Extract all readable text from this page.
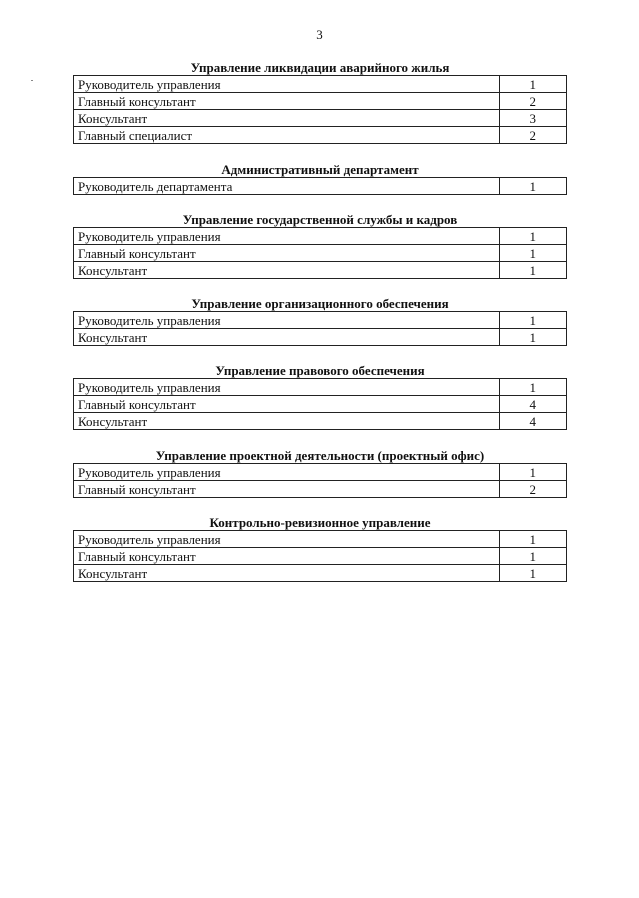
3
Управление ликвидации аварийного жилья
Руководитель управления	1
Главный консультант	2
Консультант	3
Главный специалист	2
Административный департамент
Руководитель департамента	1
Управление государственной службы и кадров
Руководитель управления	1
Главный консультант	1
Консультант	1
Управление организационного обеспечения
Руководитель управления	1
Консультант	1
Управление правового обеспечения
Руководитель управления	1
Главный консультант	4
Консультант	4
Управление проектной деятельности (проектный офис)
Руководитель управления	1
Главный консультант	2
Контрольно-ревизионное управление
Руководитель управления	1
Главный консультант	1
Консультант	1
